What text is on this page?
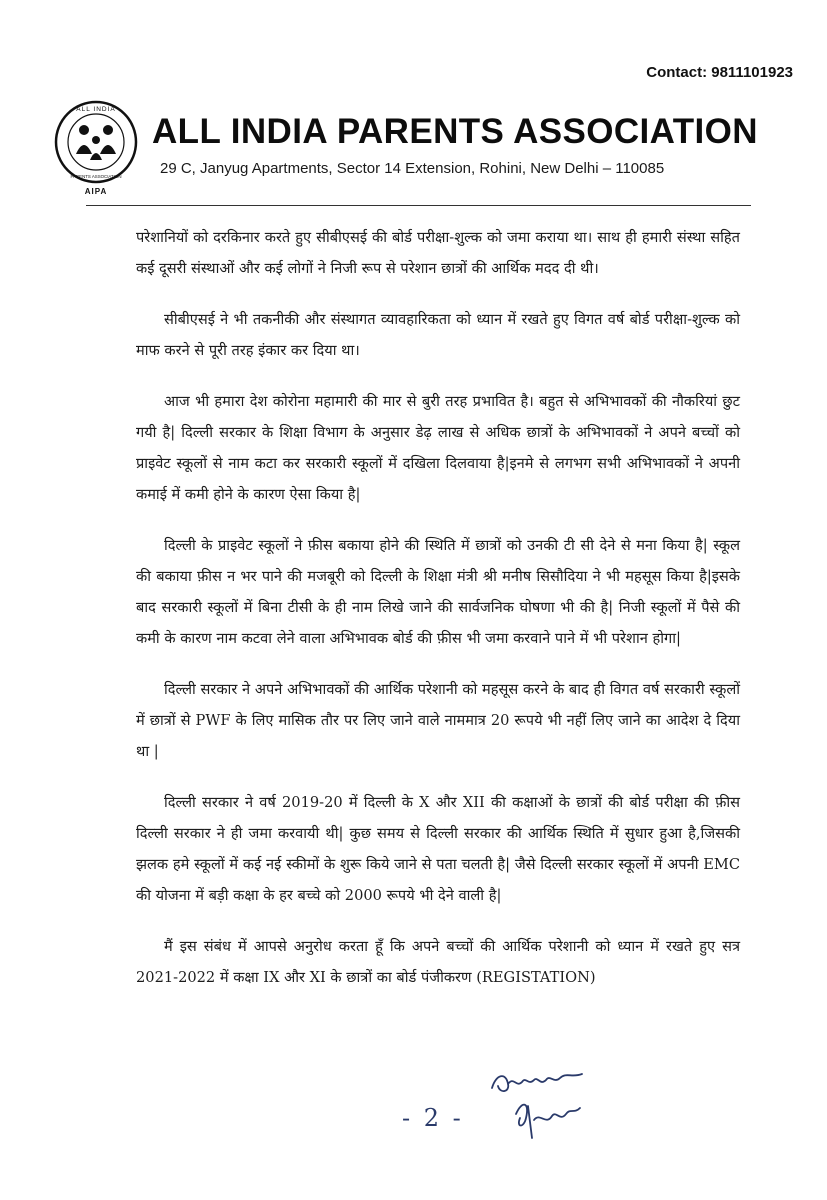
Contact: 9811101923
ALL INDIA
PARENTS ASSOCIATION
AIPA
ALL INDIA PARENTS ASSOCIATION
29 C, Janyug Apartments, Sector 14 Extension, Rohini, New Delhi – 110085

परेशानियों को दरकिनार करते हुए सीबीएसई की बोर्ड परीक्षा-शुल्क को जमा कराया था। साथ ही हमारी संस्था सहित कई दूसरी संस्थाओं और कई लोगों ने निजी रूप से परेशान छात्रों की आर्थिक मदद दी थी।

सीबीएसई ने भी तकनीकी और संस्थागत व्यावहारिकता को ध्यान में रखते हुए विगत वर्ष बोर्ड परीक्षा-शुल्क को माफ करने से पूरी तरह इंकार कर दिया था।

आज भी हमारा देश कोरोना महामारी की मार से बुरी तरह प्रभावित है। बहुत से अभिभावकों की नौकरियां छुट गयी है| दिल्ली सरकार के शिक्षा विभाग के अनुसार डेढ़ लाख से अधिक छात्रों के अभिभावकों ने अपने बच्चों को प्राइवेट स्कूलों से नाम कटा कर सरकारी स्कूलों में दखिला दिलवाया है|इनमे से लगभग सभी अभिभावकों ने अपनी कमाई में कमी होने के कारण ऐसा किया है|

दिल्ली के प्राइवेट स्कूलों ने फ़ीस बकाया होने की स्थिति में छात्रों को उनकी टी सी देने से मना किया है| स्कूल की बकाया फ़ीस न भर पाने की मजबूरी को दिल्ली के शिक्षा मंत्री श्री मनीष सिसौदिया ने भी महसूस किया है|इसके बाद सरकारी स्कूलों में बिना टीसी के ही नाम लिखे जाने की सार्वजनिक घोषणा भी की है| निजी स्कूलों में पैसे की कमी के कारण नाम कटवा लेने वाला अभिभावक बोर्ड की फ़ीस भी जमा करवाने पाने में भी परेशान होगा|

दिल्ली सरकार ने अपने अभिभावकों की आर्थिक परेशानी को महसूस करने के बाद ही विगत वर्ष सरकारी स्कूलों में छात्रों से PWF के लिए मासिक तौर पर लिए जाने वाले नाममात्र 20 रूपये भी नहीं लिए जाने का आदेश दे दिया था |

दिल्ली सरकार ने वर्ष 2019-20 में दिल्ली के X और XII की कक्षाओं के छात्रों की बोर्ड परीक्षा की फ़ीस दिल्ली सरकार ने ही जमा करवायी थी| कुछ समय से दिल्ली सरकार की आर्थिक स्थिति में सुधार हुआ है,जिसकी झलक हमे स्कूलों में कई नई स्कीमों के शुरू किये जाने से पता चलती है| जैसे दिल्ली सरकार स्कूलों में अपनी EMC की योजना में बड़ी कक्षा के हर बच्चे को 2000 रूपये भी देने वाली है|

मैं इस संबंध में आपसे अनुरोध करता हूँ कि अपने बच्चों की आर्थिक परेशानी को ध्यान में रखते हुए सत्र 2021-2022 में कक्षा IX और XI के छात्रों का बोर्ड पंजीकरण (REGISTATION)

- 2 -
